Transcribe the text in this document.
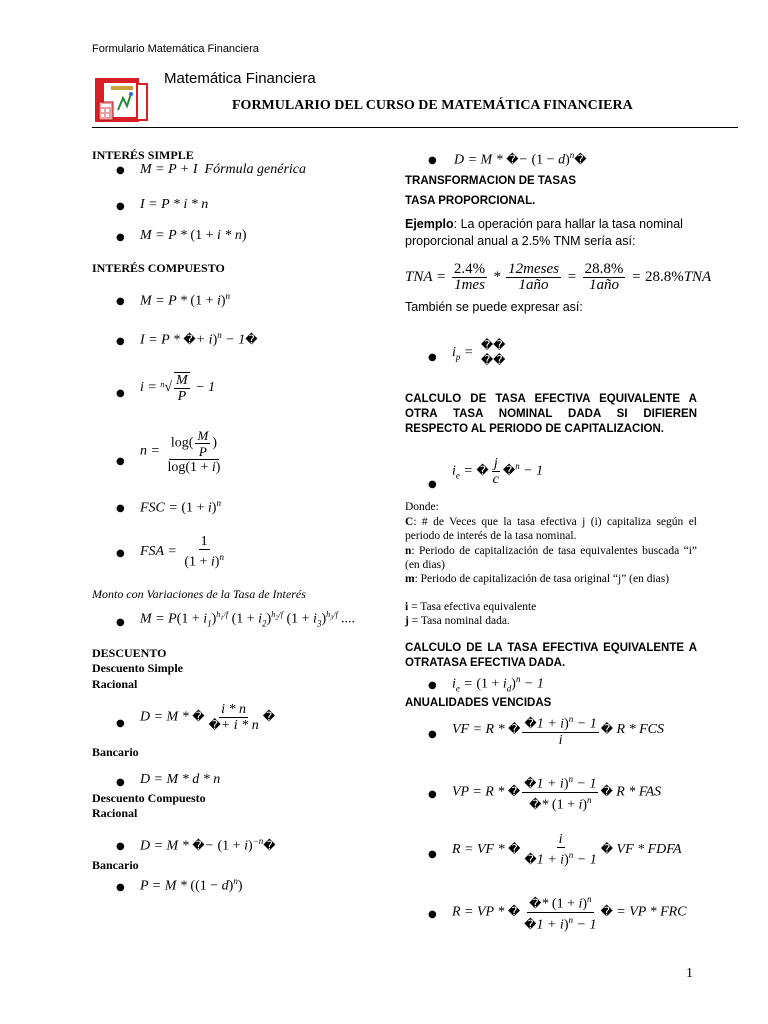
Formulario Matemática Financiera
Matemática Financiera
FORMULARIO DEL CURSO DE MATEMÁTICA FINANCIERA
INTERÉS SIMPLE
● M = P + I  Fórmula genérica
● I = P * i * n
● M = P * (1 + i * n)
INTERÉS COMPUESTO
● $M = P * (1 + i)^n$
● I = P * �+ i)$^n$ − 1�
● $i = ^n√ \frac{M}{P} - 1$
●
$n = \frac{\log( \frac{M}{P} )}{\log(1 + i)}$
● FSC = $(1 + i)^n$
● FSA = $\frac{1}{(1 + i)^n}$
Monto con Variaciones de la Tasa de Interés
● $M = P(1 + i_1)^{h_1/f}$ $(1 + i_2)^{h_2/f}$ $(1 + i_3)^{h_3/f}$ ....
DESCUENTO
Descuento Simple
Racional
● D = M * � $\frac{i * n}{�+ i * n}$ �
Bancario
● D = M * d * n
Descuento Compuesto
Racional
● D = M * �− $(1 + i)^{-n}�$
Bancario
● $P = M * ((1 - d)^n)$
● D = M * �− $(1 - d)^n�$
TRANSFORMACION DE TASAS
TASA PROPORCIONAL.
Ejemplo: La operación para hallar la tasa nominal proporcional anual a 2.5% TNM sería así:
TNA = $\frac{2.4\%}{\text{1mes}} * \frac{\text{12meses}}{\text{1año}} = \frac{28.8\%}{\text{1año}} = 28.8\%TNA$
También se puede expresar así:
● $i_p$ =
��
��
CALCULO DE TASA EFECTIVA EQUIVALENTE A OTRA TASA NOMINAL DADA SI DIFIEREN RESPECTO AL PERIODO DE CAPITALIZACION.
●
$i_e$ = � $\frac{j}{c}$ �$^n$ − 1
Donde:
C: # de Veces que la tasa efectiva j (i) capitaliza según el periodo de interés de la tasa nominal.
n: Periodo de capitalización de tasa equivalentes buscada “i” (en dias)
m: Periodo de capitalización de tasa original “j” (en dias)
i = Tasa efectiva equivalente
j = Tasa nominal dada.
CALCULO DE LA TASA EFECTIVA EQUIVALENTE A OTRATASA EFECTIVA DADA.
● $i_e = (1 + i_d)^n - 1$
ANUALIDADES VENCIDAS
● VF = R * � $\frac{�1 + i)^n - 1}{i}$ � R * FCS
● VP = R * � $\frac{�1 + i)^n - 1}{�* (1 + i)^n}$ � R * FAS
● R = VF * � $\frac{i}{�1 + i)^n - 1}$ � VF * FDFA
● R = VP * � $\frac{�* (1 + i)^n}{�1 + i)^n - 1}$ � = VP * FRC
1
